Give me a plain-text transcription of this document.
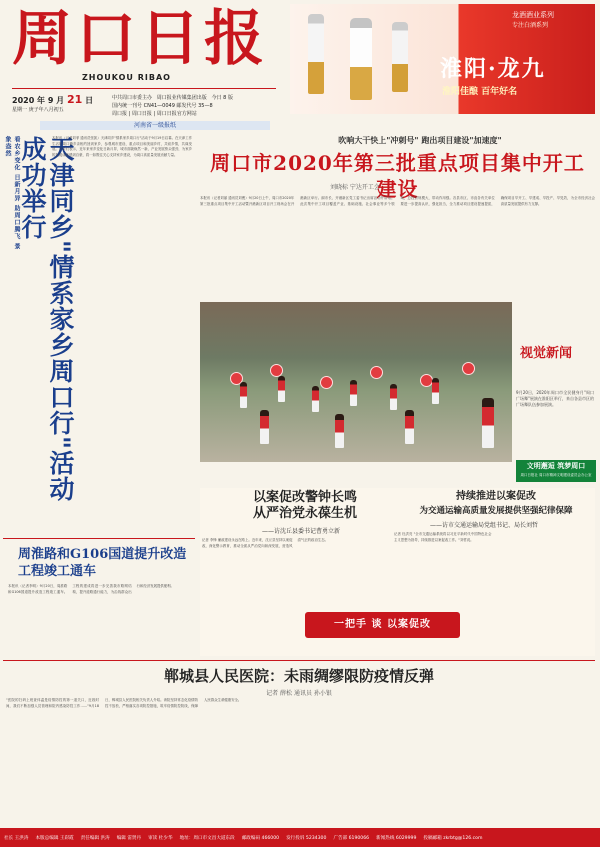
周口日报
ZHOUKOU RIBAO
2020 年 9 月 21 日
星期一 庚子年八月初五
中共周口市委主办 周口报业传媒集团出版 今日 8 版
国内统一刊号 CN41—0049 邮发代号 35—8
周口报 | 周口日报 | 周口日报官方网站
河南省一级报纸
淮阳·龙九
淮阳佳酿 百年好名
龙酒酒业系列
专注白酒系列
看农乡变化 日新月异 助周口腾飞 景象盎然	天津同乡"情系家乡周口行"活动成功举行	本报讯（记者刘菲 通讯员张凯）天津同乡"情系家乡周口行"活动于9月19日启幕。在天津工作生活的周口籍乡亲相约回到家乡，参观城市建设、重点项目和美丽乡村，共叙乡情，共谋发展。乡亲们表示，近年来家乡变化日新月异，城市面貌焕然一新，产业发展势头强劲，为家乡的发展成就感到自豪，将一如既往关心支持家乡建设，为周口高质量发展贡献力量。
吹响大干快上"冲刺号" 跑出项目建设"加速度"
周口市2020年第三批重点项目集中开工建设
刘晓标 宁达开工会
本报讯（记者刘丽 通讯员刘俊）9月20日上午，周口市2020年第三批重点项目集中开工活动暨开港新区项目开工现场会在开港新区举行。副市长、开港新区党工委书记出席活动并讲话。此次集中开工项目覆盖产业、基础设施、社会事业等多个领域，总投资规模大，带动作用强。各县市区、市直各有关单位要进一步提高认识，强化担当，全力推动项目建设提速提质，确保项目早开工、早建成、早投产、早见效，为全市经济社会高质量发展提供有力支撑。
视觉新闻
9月20日，2020年周口市全民健身月"周口广场舞"展演在淮阳区举行，来自各县市区的广场舞队伍参加展演。
文明邂逅 筑梦周口
周口日报社 周口市精神文明建设委员会办公室
周淮路和G106国道提升改造工程竣工通车
本报讯（记者李明）9月20日，周淮路和G106国道提升改造工程竣工通车。工程的建成将进一步完善我市路网结构，提升道路通行能力，为沿线群众出行和经济发展提供便利。
以案促改警钟长鸣
从严治党永葆生机
——访沈丘县委书记曹勇立新
记者 李锋 廉政建设永远在路上。近年来，沈丘县坚持以案促改，深化警示教育，推动全面从严治党向纵深发展，营造风清气正的政治生态。
持续推进以案促改
为交通运输高质量发展提供坚强纪律保障
——访市交通运输局党组书记、局长刘哲
记者 杜洪亮 "全市交通运输系统将以习近平新时代中国特色社会主义思想为指导，持续推进以案促改工作。"刘哲说。
一把手 谈 以案促改
郸城县人民医院：未雨绸缪限防疫情反弹
记者 薛松 通讯员 孙小银
"医院的扫码上班查体温是疫情防控的第一道关口，近段时间，我们不断加强人员管理和院内感染防控工作……"9月18日，郸城县人民医院相关负责人介绍。该院坚持常态化疫情防控不放松，严格落实各项防控措施，筑牢疫情防控防线，保障人民群众生命健康安全。
社长 王洪涛 本版总编辑 王彩霞 责任编辑 洪涛 编辑 雷贤丹 审读 杜少华 地址：周口市文昌大道东段 邮政编码 466000 发行投诉 5234300 广告部 6190066 新闻热线 6029999 投稿邮箱 zkrbtg@126.com
